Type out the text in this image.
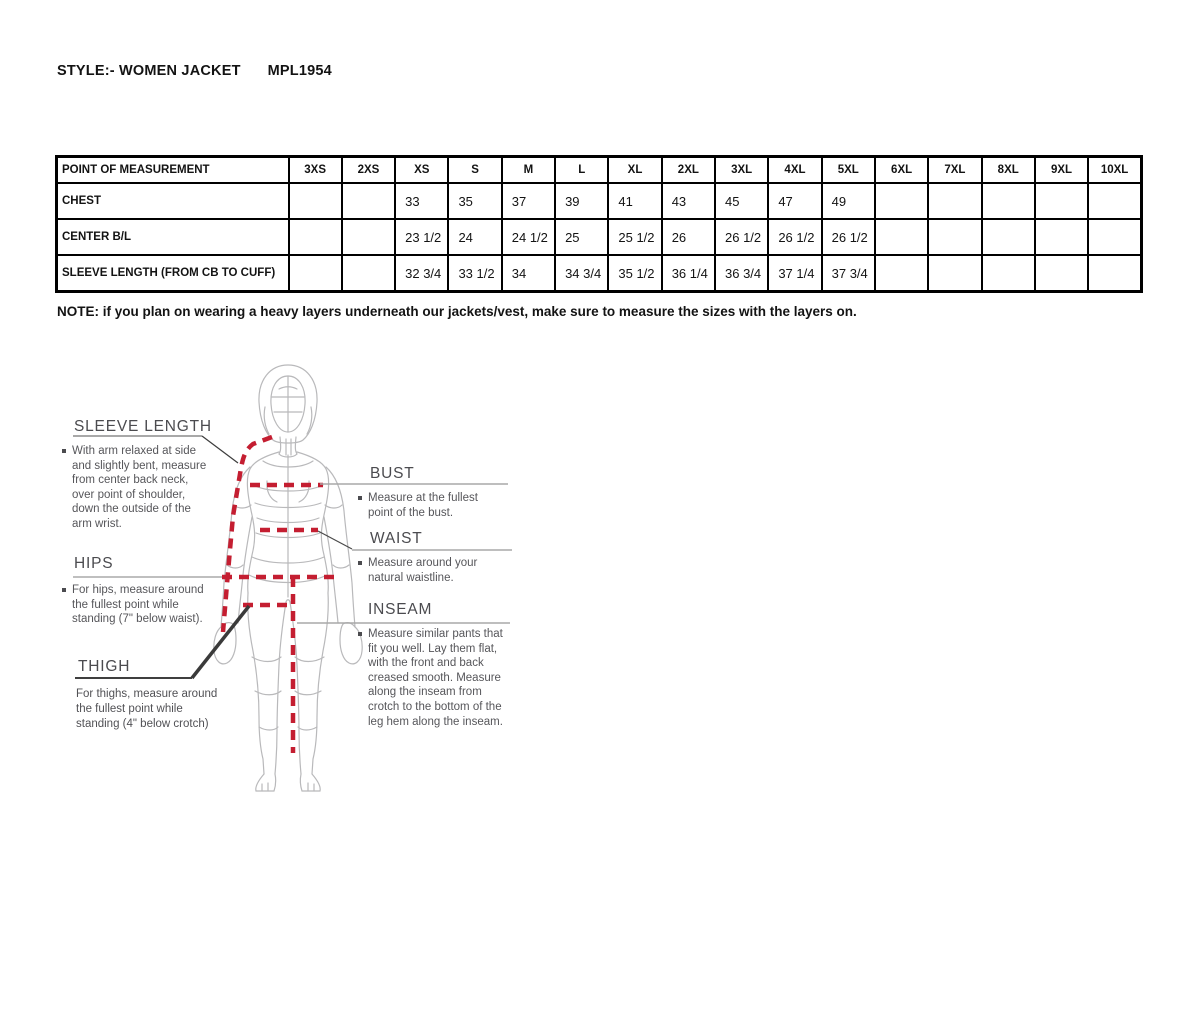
STYLE:- WOMEN JACKET MPL1954
POINT OF MEASUREMENT	3XS	2XS	XS	S	M	L	XL	2XL	3XL	4XL	5XL	6XL	7XL	8XL	9XL	10XL
CHEST			33	35	37	39	41	43	45	47	49					
CENTER B/L			23 1/2	24	24 1/2	25	25 1/2	26	26 1/2	26 1/2	26 1/2					
SLEEVE LENGTH (FROM CB TO CUFF)			32 3/4	33 1/2	34	34 3/4	35 1/2	36 1/4	36 3/4	37 1/4	37 3/4					
NOTE: if you plan on wearing a heavy layers underneath our jackets/vest, make sure to measure the sizes with the layers on.
SLEEVE LENGTH
With arm relaxed at side and slightly bent, measure from center back neck, over point of shoulder, down the outside of the arm wrist.
HIPS
For hips, measure around the fullest point while standing (7" below waist).
THIGH
For thighs, measure around the fullest point while standing (4" below crotch)
BUST
Measure at the fullest point of the bust.
WAIST
Measure around your natural waistline.
INSEAM
Measure similar pants that fit you well. Lay them flat, with the front and back creased smooth. Measure along the inseam from crotch to the bottom of the leg hem along the inseam.
